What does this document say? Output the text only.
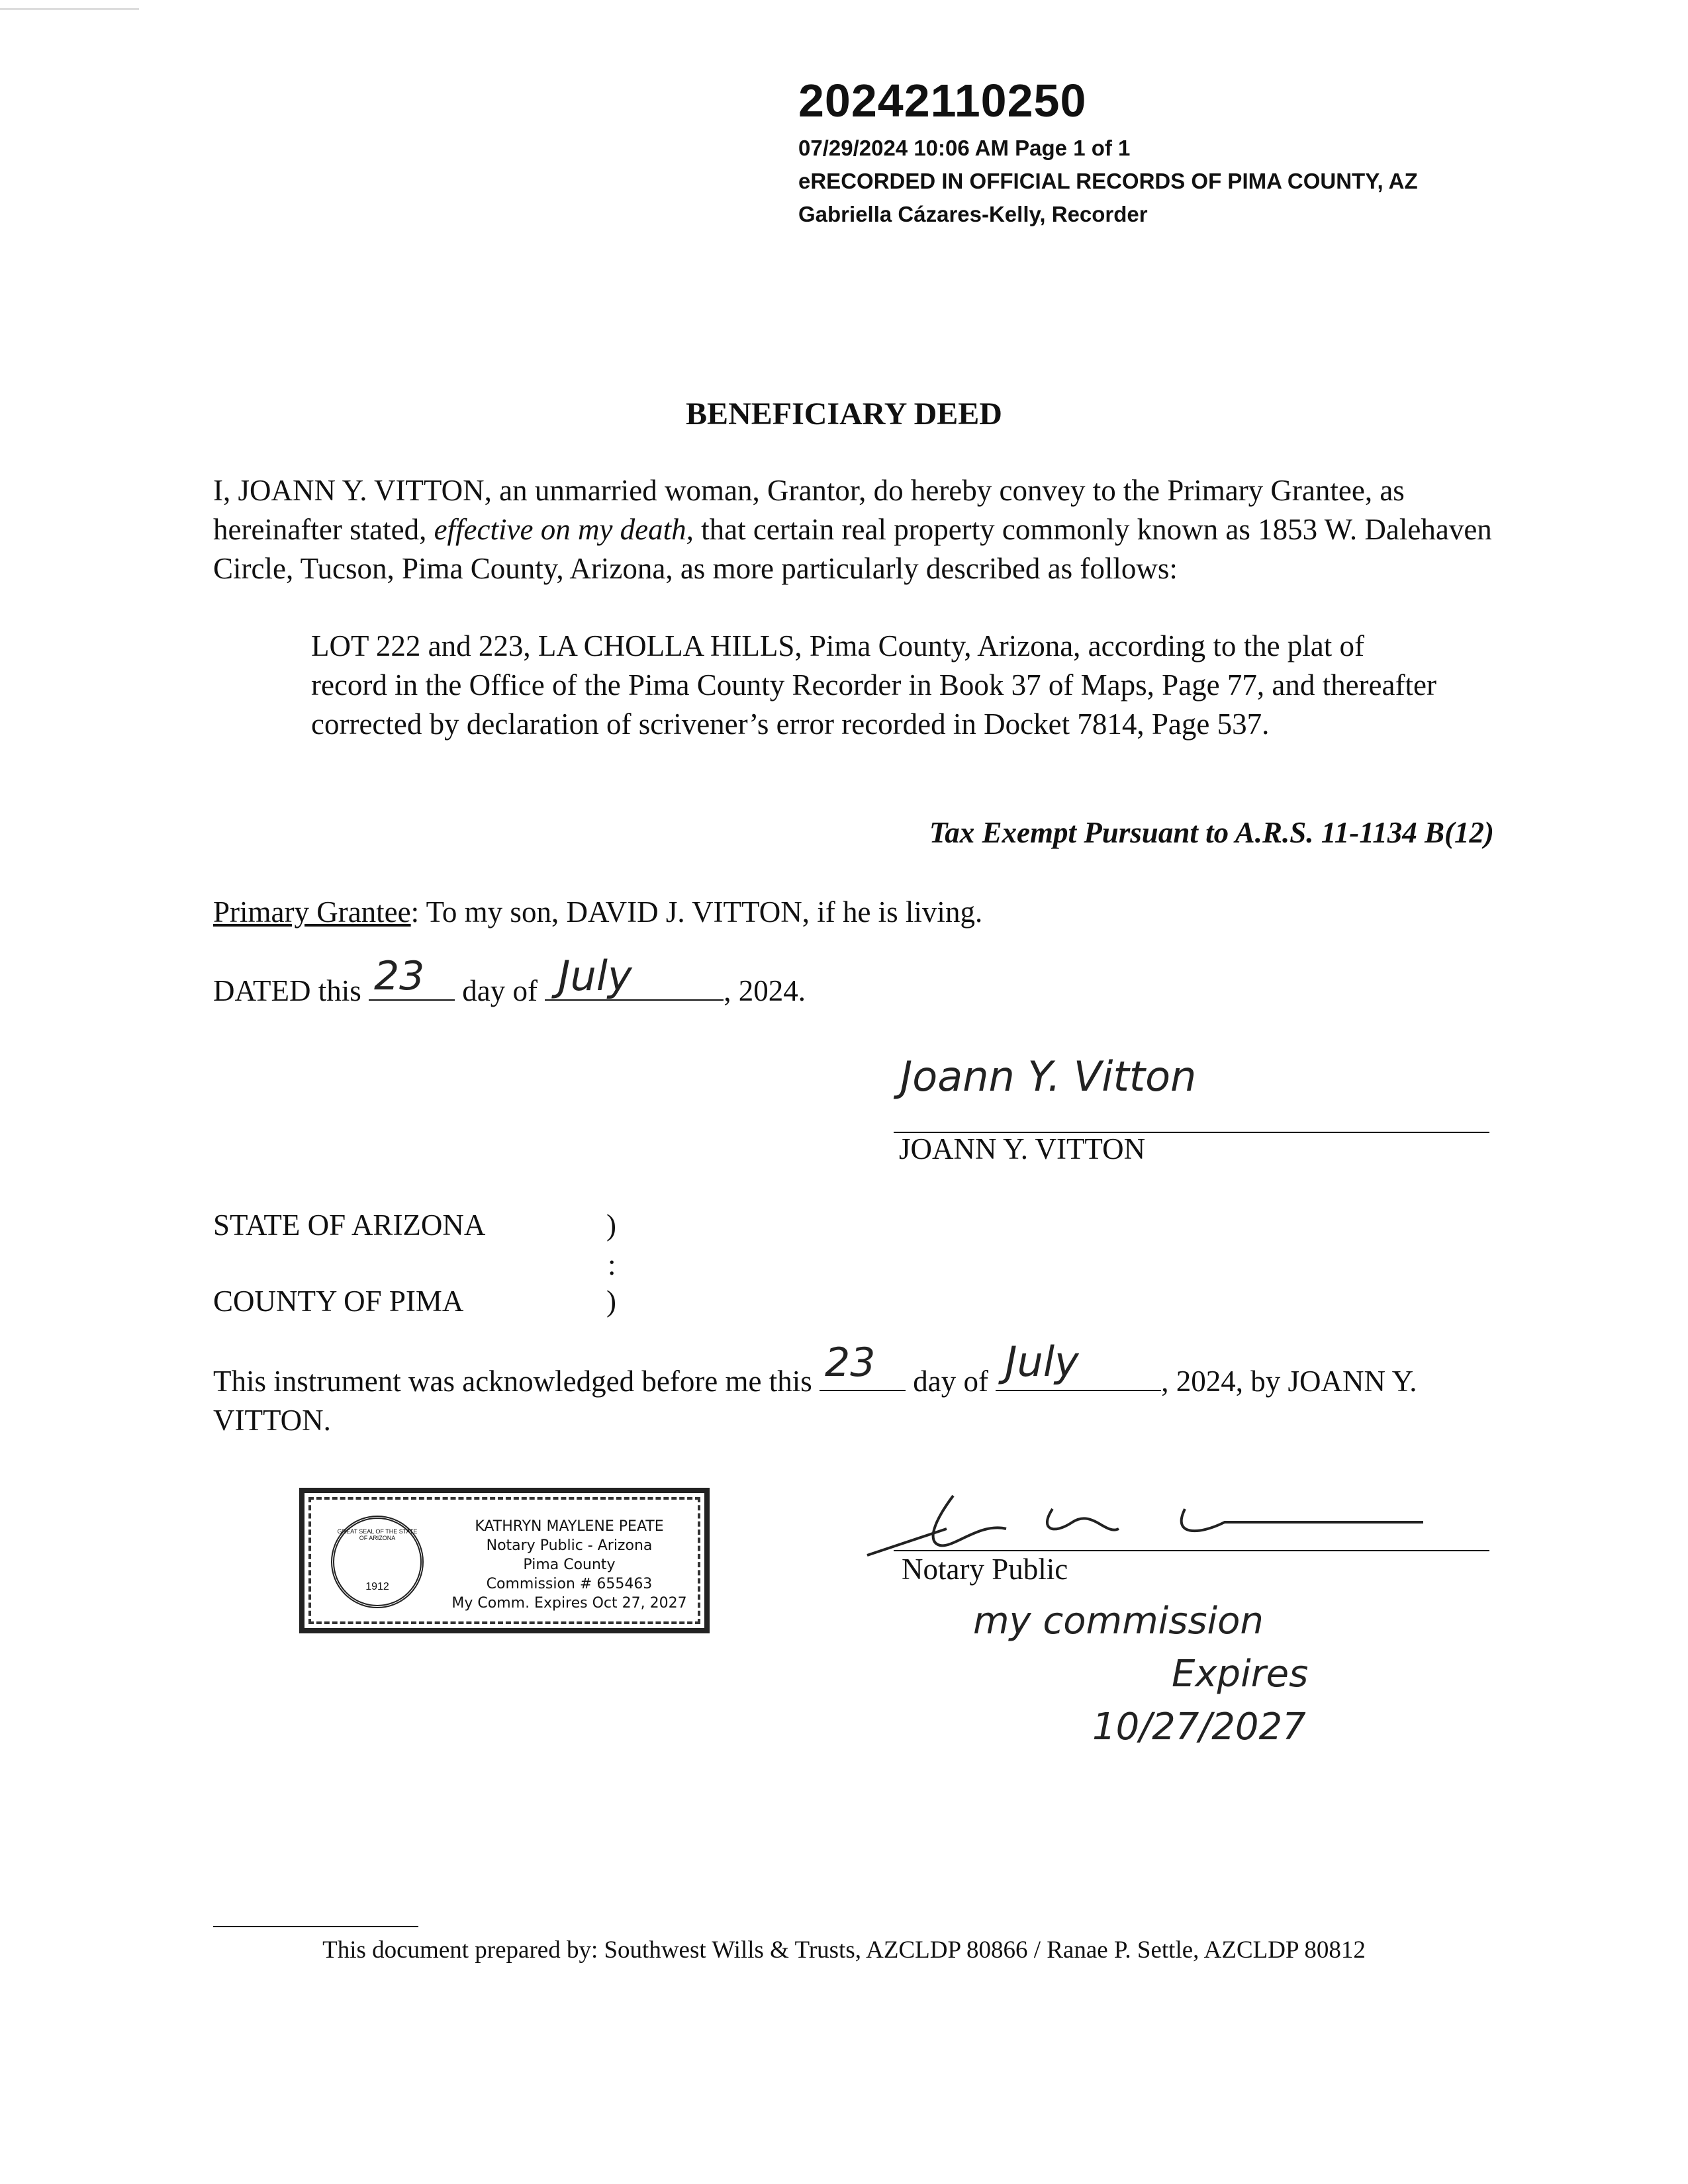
20242110250
07/29/2024 10:06 AM Page 1 of 1
eRECORDED IN OFFICIAL RECORDS OF PIMA COUNTY, AZ
Gabriella Cázares-Kelly, Recorder
BENEFICIARY DEED
I, JOANN Y. VITTON, an unmarried woman, Grantor, do hereby convey to the Primary Grantee, as hereinafter stated, effective on my death, that certain real property commonly known as 1853 W. Dalehaven Circle, Tucson, Pima County, Arizona, as more particularly described as follows:
LOT 222 and 223, LA CHOLLA HILLS, Pima County, Arizona, according to the plat of record in the Office of the Pima County Recorder in Book 37 of Maps, Page 77, and thereafter corrected by declaration of scrivener’s error recorded in Docket 7814, Page 537.
Tax Exempt Pursuant to A.R.S. 11-1134 B(12)
Primary Grantee: To my son, DAVID J. VITTON, if he is living.
DATED this 23 day of July	, 2024.
Joann Y. Vitton
JOANN Y. VITTON
STATE OF ARIZONA
COUNTY OF PIMA
)
:
)
This instrument was acknowledged before me this 23 day of July	, 2024, by JOANN Y. VITTON.
GREAT SEAL OF THE STATE OF ARIZONA
1912
KATHRYN MAYLENE PEATE
Notary Public - Arizona
Pima County
Commission # 655463
My Comm. Expires Oct 27, 2027
Notary Public
my commission
Expires
10/27/2027
This document prepared by: Southwest Wills & Trusts, AZCLDP 80866 / Ranae P. Settle, AZCLDP 80812
